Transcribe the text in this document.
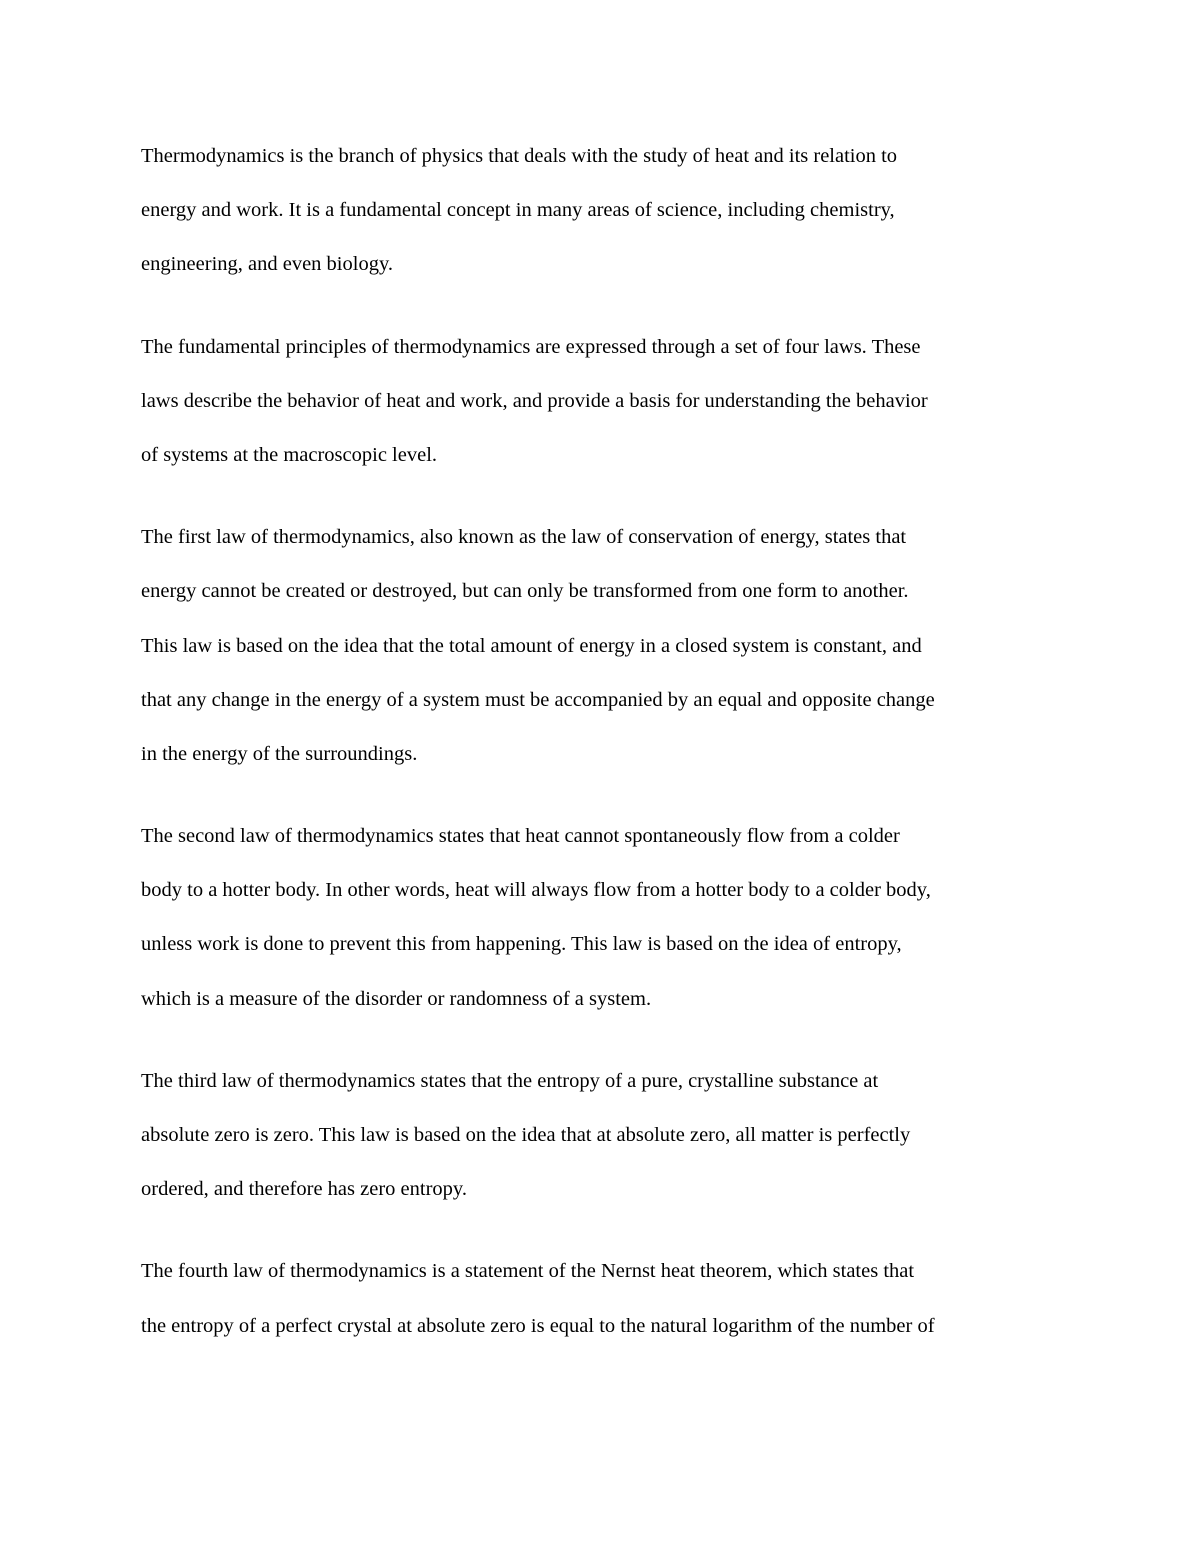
Thermodynamics is the branch of physics that deals with the study of heat and its relation to
energy and work. It is a fundamental concept in many areas of science, including chemistry,
engineering, and even biology.
The fundamental principles of thermodynamics are expressed through a set of four laws. These
laws describe the behavior of heat and work, and provide a basis for understanding the behavior
of systems at the macroscopic level.
The first law of thermodynamics, also known as the law of conservation of energy, states that
energy cannot be created or destroyed, but can only be transformed from one form to another.
This law is based on the idea that the total amount of energy in a closed system is constant, and
that any change in the energy of a system must be accompanied by an equal and opposite change
in the energy of the surroundings.
The second law of thermodynamics states that heat cannot spontaneously flow from a colder
body to a hotter body. In other words, heat will always flow from a hotter body to a colder body,
unless work is done to prevent this from happening. This law is based on the idea of entropy,
which is a measure of the disorder or randomness of a system.
The third law of thermodynamics states that the entropy of a pure, crystalline substance at
absolute zero is zero. This law is based on the idea that at absolute zero, all matter is perfectly
ordered, and therefore has zero entropy.
The fourth law of thermodynamics is a statement of the Nernst heat theorem, which states that
the entropy of a perfect crystal at absolute zero is equal to the natural logarithm of the number of
